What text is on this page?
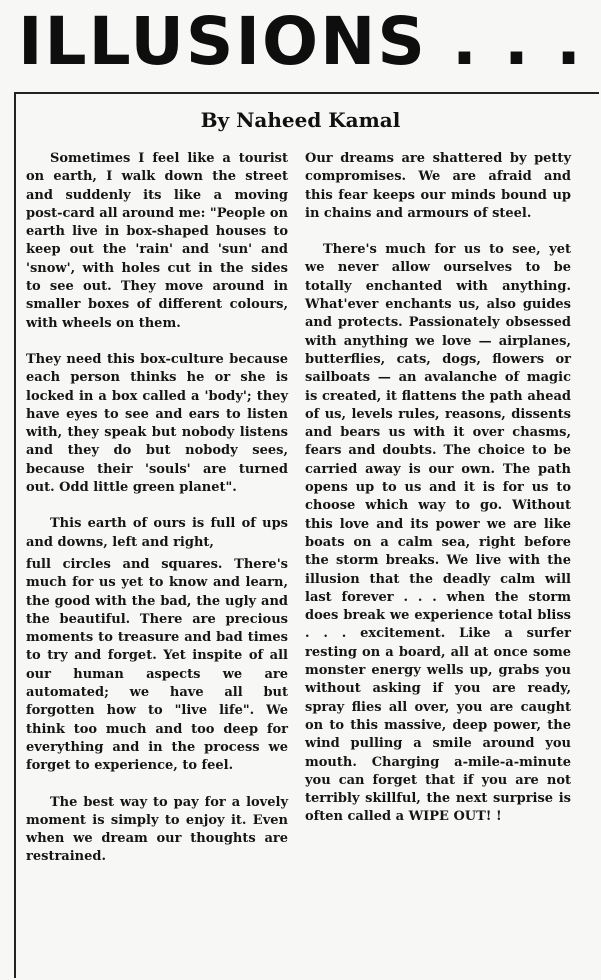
ILLUSIONS . . .
By Naheed Kamal

Sometimes I feel like a tourist on earth, I walk down the street and suddenly its like a moving post-card all around me: "People on earth live in box-shaped houses to keep out the 'rain' and 'sun' and 'snow', with holes cut in the sides to see out. They move around in smaller boxes of different colours, with wheels on them.

They need this box-culture because each person thinks he or she is locked in a box called a 'body'; they have eyes to see and ears to listen with, they speak but nobody listens and they do but nobody sees, because their 'souls' are turned out. Odd little green planet".

This earth of ours is full of ups and downs, left and right,

full circles and squares. There's much for us yet to know and learn, the good with the bad, the ugly and the beautiful. There are precious moments to treasure and bad times to try and forget. Yet inspite of all our human aspects we are automated; we have all but forgotten how to "live life". We think too much and too deep for everything and in the process we forget to experience, to feel.

The best way to pay for a lovely moment is simply to enjoy it. Even when we dream our thoughts are restrained.

Our dreams are shattered by petty compromises. We are afraid and this fear keeps our minds bound up in chains and armours of steel.

There's much for us to see, yet we never allow ourselves to be totally enchanted with anything. What'ever enchants us, also guides and protects. Passionately obsessed with anything we love — airplanes, butterflies, cats, dogs, flowers or sailboats — an avalanche of magic is created, it flattens the path ahead of us, levels rules, reasons, dissents and bears us with it over chasms, fears and doubts. The choice to be carried away is our own. The path opens up to us and it is for us to choose which way to go. Without this love and its power we are like boats on a calm sea, right before the storm breaks. We live with the illusion that the deadly calm will last forever . . . when the storm does break we experience total bliss . . . excitement. Like a surfer resting on a board, all at once some monster energy wells up, grabs you without asking if you are ready, spray flies all over, you are caught on to this massive, deep power, the wind pulling a smile around you mouth. Charging a-mile-a-minute you can forget that if you are not terribly skillful, the next surprise is often called a WIPE OUT! !
